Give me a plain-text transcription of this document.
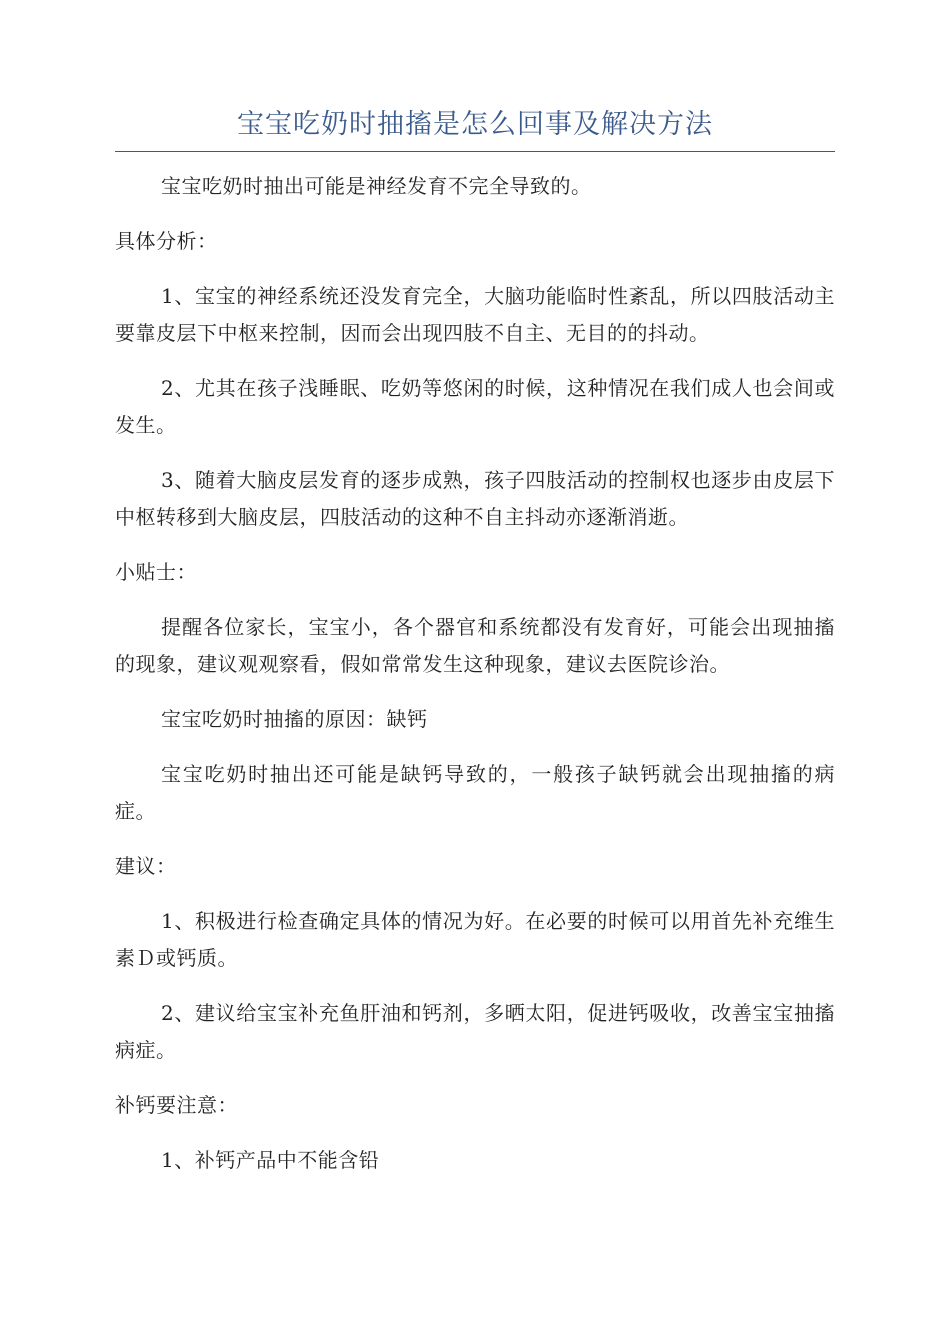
宝宝吃奶时抽搐是怎么回事及解决方法

宝宝吃奶时抽出可能是神经发育不完全导致的。

具体分析：

1、宝宝的神经系统还没发育完全，大脑功能临时性紊乱，所以四肢活动主要靠皮层下中枢来控制，因而会出现四肢不自主、无目的的抖动。

2、尤其在孩子浅睡眠、吃奶等悠闲的时候，这种情况在我们成人也会间或发生。

3、随着大脑皮层发育的逐步成熟，孩子四肢活动的控制权也逐步由皮层下中枢转移到大脑皮层，四肢活动的这种不自主抖动亦逐渐消逝。

小贴士：

提醒各位家长，宝宝小，各个器官和系统都没有发育好，可能会出现抽搐的现象，建议观观察看，假如常常发生这种现象，建议去医院诊治。

宝宝吃奶时抽搐的原因：缺钙

宝宝吃奶时抽出还可能是缺钙导致的，一般孩子缺钙就会出现抽搐的病症。

建议：

1、积极进行检查确定具体的情况为好。在必要的时候可以用首先补充维生素Ｄ或钙质。

2、建议给宝宝补充鱼肝油和钙剂，多晒太阳，促进钙吸收，改善宝宝抽搐病症。

补钙要注意：

1、补钙产品中不能含铅
